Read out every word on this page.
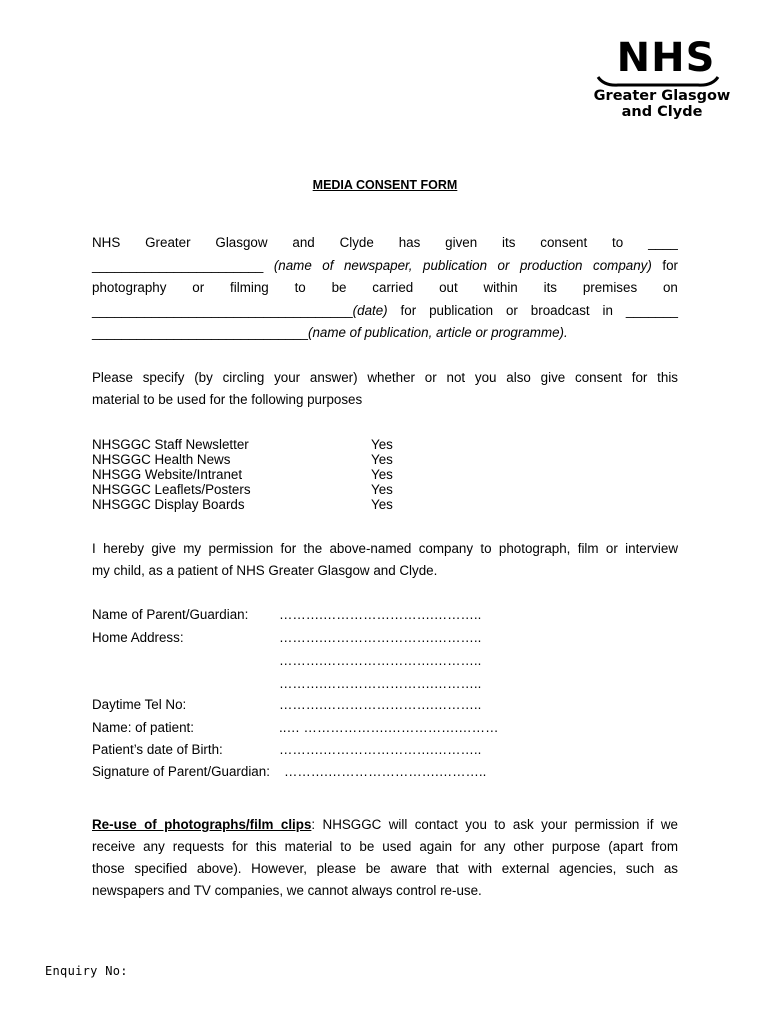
NHS
Greater Glasgow
and Clyde
MEDIA CONSENT FORM
NHS Greater Glasgow and Clyde has given its consent to ____
_______________________ (name of newspaper, publication or production company) for
photography or filming to be carried out within its premises on
___________________________________(date) for publication or broadcast in _______
_____________________________(name of publication, article or programme).
Please specify (by circling your answer) whether or not you also give consent for this
material to be used for the following purposes
NHSGGC Staff Newsletter	Yes
NHSGGC Health News	Yes
NHSGG Website/Intranet	Yes
NHSGGC Leaflets/Posters	Yes
NHSGGC Display Boards	Yes
I hereby give my permission for the above-named company to photograph, film or interview
my child, as a patient of NHS Greater Glasgow and Clyde.
Name of Parent/Guardian: ……….…………………….………..
Home Address:	……….…………………….………..
……….…………………….………..
……….…………………….………..
Daytime Tel No:	……….…………………….………..
Name: of patient:	..… ……………….…………….………
Patient’s date of Birth:	……….…………………….………..
Signature of Parent/Guardian: ……….…………………….………..
Re-use of photographs/film clips: NHSGGC will contact you to ask your permission if we
receive any requests for this material to be used again for any other purpose (apart from
those specified above). However, please be aware that with external agencies, such as
newspapers and TV companies, we cannot always control re-use.
Enquiry No:
